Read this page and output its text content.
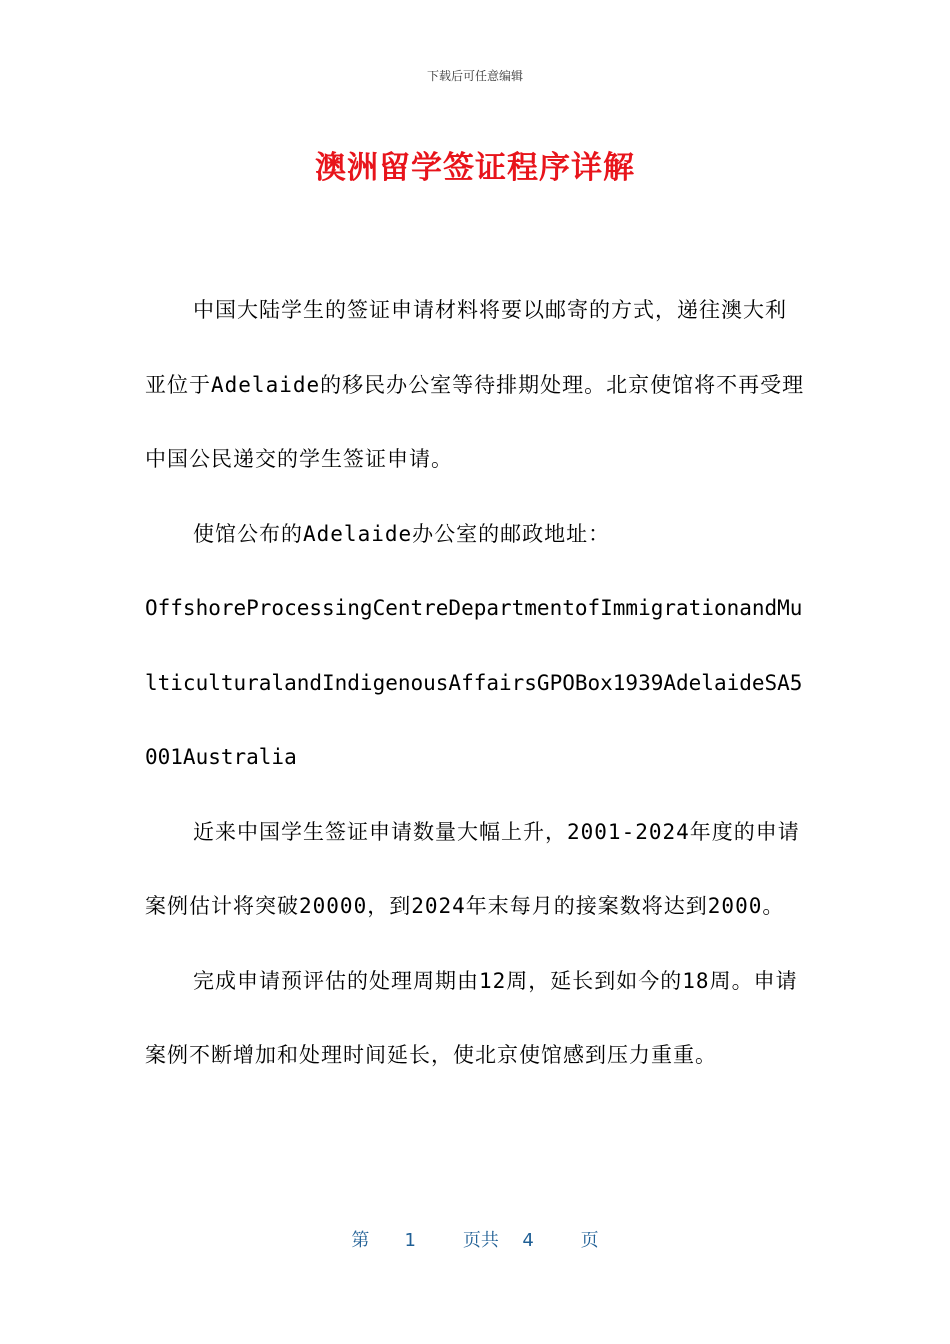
下载后可任意编辑
澳洲留学签证程序详解

中国大陆学生的签证申请材料将要以邮寄的方式，递往澳大利亚位于Adelaide的移民办公室等待排期处理。北京使馆将不再受理中国公民递交的学生签证申请。

使馆公布的Adelaide办公室的邮政地址：

OffshoreProcessingCentreDepartmentofImmigrationandMulticulturalandIndigenousAffairsGPOBox1939AdelaideSA5001Australia

近来中国学生签证申请数量大幅上升，2001-2024年度的申请案例估计将突破20000，到2024年末每月的接案数将达到2000。

完成申请预评估的处理周期由12周，延长到如今的18周。申请案例不断增加和处理时间延长，使北京使馆感到压力重重。

第 1	页共 4	页
